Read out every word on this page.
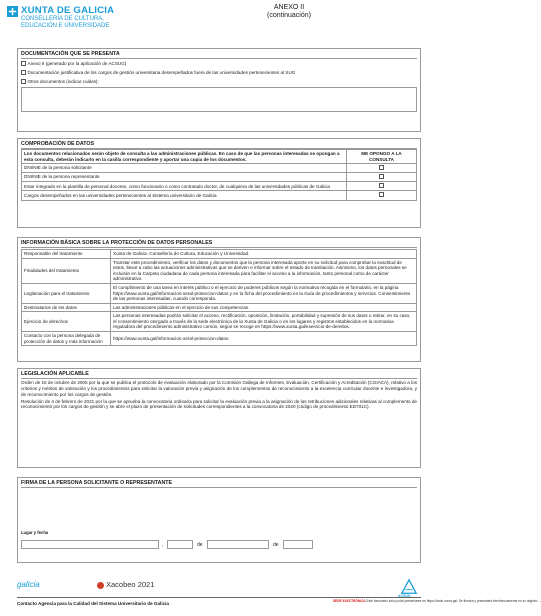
XUNTA DE GALICIA
CONSELLERÍA DE CULTURA,
EDUCACIÓN E UNIVERSIDADE
ANEXO II
(continuación)
DOCUMENTACIÓN QUE SE PRESENTA
Anexo II (generado por la aplicación de ACSUG)
Documentación justificativa de los cargos de gestión universitaria desempeñados fuera de las universidades pertenecientes al SUG
Otros documentos (indicar cuáles):
COMPROBACIÓN DE DATOS
Los documentos relacionados serán objeto de consulta a las administraciones públicas. En caso de que las personas interesadas se opongan a esta consulta, deberán indicarlo en la casilla correspondiente y aportar una copia de los documentos.	ME OPONGO A LA CONSULTA
DNI/NIE de la persona solicitante	
DNI/NIE de la persona representante	
Estar integrado en la plantilla de personal docente, como funcionario o como contratado doctor, de cualquiera de las universidades públicas de Galicia	
Cargos desempeñados en las universidades pertenecientes al Sistema universitario de Galicia	
INFORMACIÓN BÁSICA SOBRE LA PROTECCIÓN DE DATOS PERSONALES
Responsable del tratamiento	Xunta de Galicia. Consellería de Cultura, Educación y Universidad.
Finalidades del tratamiento	Tramitar este procedimiento, verificar los datos y documentos que la persona interesada aporte en su solicitud para comprobar la exactitud de estos, llevar a cabo las actuaciones administrativas que se deriven e informar sobre el estado de tramitación. Asimismo, los datos personales se incluirán en la Carpeta ciudadana de cada persona interesada para facilitar el acceso a la información, tanto personal como de carácter administrativo.
Legitimación para el tratamiento	El cumplimiento de una tarea en interés público o el ejercicio de poderes públicos según la normativa recogida en el formulario, en la página https://www.xunta.gal/informacion-xeral-proteccion-datos y en la ficha del procedimiento en la Guía de procedimientos y servicios. Consentimiento de las personas interesadas, cuando corresponda.
Destinatarios de los datos	Las administraciones públicas en el ejercicio de sus competencias.
Ejercicio de derechos	Las personas interesadas podrán solicitar el acceso, rectificación, oposición, limitación, portabilidad y supresión de sus datos o retirar, en su caso, el consentimiento otorgado a través de la sede electrónica de la Xunta de Galicia o en los lugares y registros establecidos en la normativa reguladora del procedimiento administrativo común, según se recoge en https://www.xunta.gal/exercicio-de-dereitos.
Contacto con la persona delegada de protección de datos y más información	https://www.xunta.gal/informacion-xeral-proteccion-datos
LEGISLACIÓN APLICABLE

Orden de 16 de octubre de 2005 por la que se publica el protocolo de evaluación elaborado por la Comisión Gallega de Informes, Evaluación, Certificación y Acreditación (CGIACA), relativo a los criterios y méritos de valoración y los procedimientos para solicitar la valoración previa y asignación de los complementos de reconocimiento a la excelencia curricular docente e investigadora, y de reconocimiento por los cargos de gestión.

Resolución de 4 de febrero de 2021 por la que se aprueba la convocatoria ordinaria para solicitar la evaluación previa a la asignación de las retribuciones adicionales relativas al complemento de reconocimiento por los cargos de gestión y se abre el plazo de presentación de solicitudes correspondientes a la convocatoria de 2020 (código de procedimiento ED701C).

FIRMA DE LA PERSONA SOLICITANTE O REPRESENTANTE
Lugar y fecha
,	de	de
galicia	Xacobeo 2021
ACSUG
Contacto Agencia para la Calidad del Sistema Universitario de Galicia	SEDE ELECTRÓNICA Este formulario sólo podrá presentarse en https://sede.xunta.gal. Se firmará y presentará electrónicamente en su registro ...
